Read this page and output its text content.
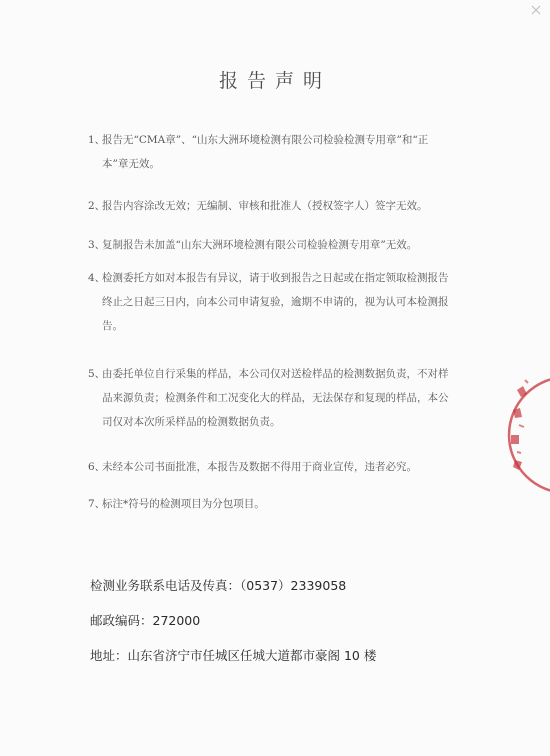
报告声明
1、报告无“CMA章”、“山东大洲环境检测有限公司检验检测专用章”和“正
本”章无效。
2、报告内容涂改无效；无编制、审核和批准人（授权签字人）签字无效。
3、复制报告未加盖“山东大洲环境检测有限公司检验检测专用章”无效。
4、检测委托方如对本报告有异议，请于收到报告之日起或在指定领取检测报告
终止之日起三日内，向本公司申请复验，逾期不申请的，视为认可本检测报
告。
5、由委托单位自行采集的样品，本公司仅对送检样品的检测数据负责，不对样
品来源负责；检测条件和工况变化大的样品，无法保存和复现的样品，本公
司仅对本次所采样品的检测数据负责。
6、未经本公司书面批准，本报告及数据不得用于商业宣传，违者必究。
7、标注*符号的检测项目为分包项目。
检测业务联系电话及传真：（0537）2339058
邮政编码：272000
地址：山东省济宁市任城区任城大道都市豪阁 10 楼
